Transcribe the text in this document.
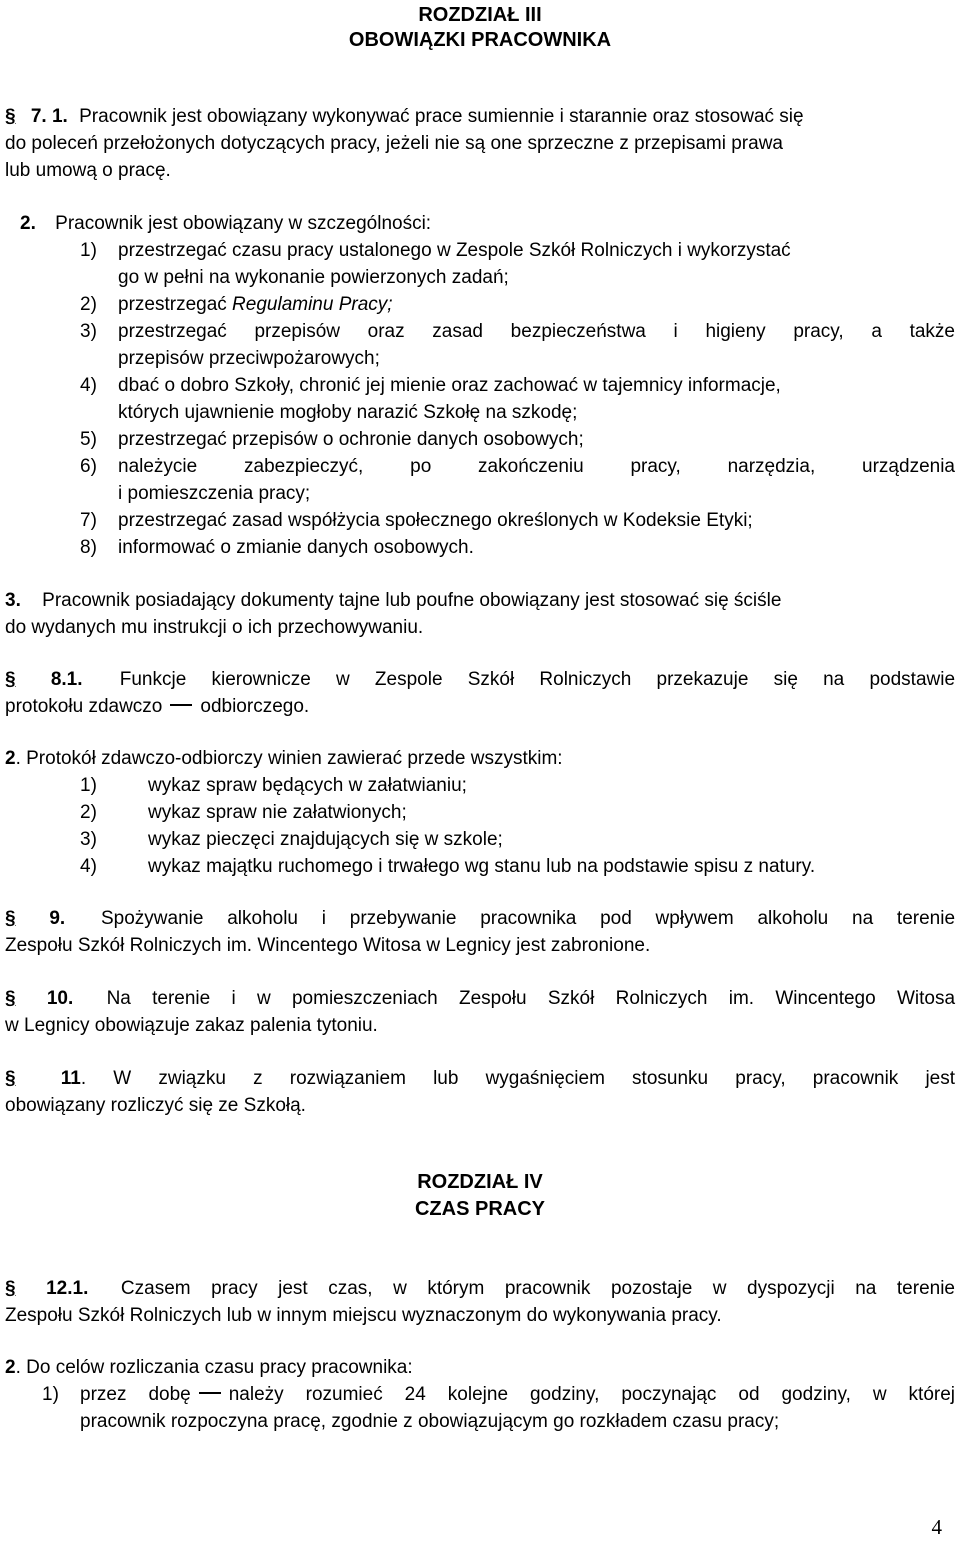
ROZDZIAŁ III
OBOWIĄZKI PRACOWNIKA
§ 7. 1. Pracownik jest obowiązany wykonywać prace sumiennie i starannie oraz stosować się
do poleceń przełożonych dotyczących pracy, jeżeli nie są one sprzeczne z przepisami prawa
lub umową o pracę.
2. Pracownik jest obowiązany w szczególności:
1) przestrzegać czasu pracy ustalonego w Zespole Szkół Rolniczych i wykorzystać
go w pełni na wykonanie powierzonych zadań;
2) przestrzegać Regulaminu Pracy;
3) przestrzegać przepisów oraz zasad bezpieczeństwa i higieny pracy, a także
przepisów przeciwpożarowych;
4) dbać o dobro Szkoły, chronić jej mienie oraz zachować w tajemnicy informacje,
których ujawnienie mogłoby narazić Szkołę na szkodę;
5) przestrzegać przepisów o ochronie danych osobowych;
6) należycie zabezpieczyć, po zakończeniu pracy, narzędzia, urządzenia
i pomieszczenia pracy;
7) przestrzegać zasad współżycia społecznego określonych w Kodeksie Etyki;
8) informować o zmianie danych osobowych.
3. Pracownik posiadający dokumenty tajne lub poufne obowiązany jest stosować się ściśle
do wydanych mu instrukcji o ich przechowywaniu.
§ 8.1. Funkcje kierownicze w Zespole Szkół Rolniczych przekazuje się na podstawie
protokołu zdawczo odbiorczego.
2. Protokół zdawczo-odbiorczy winien zawierać przede wszystkim:
1)	wykaz spraw będących w załatwianiu;
2)	wykaz spraw nie załatwionych;
3)	wykaz pieczęci znajdujących się w szkole;
4)	wykaz majątku ruchomego i trwałego wg stanu lub na podstawie spisu z natury.
§ 9. Spożywanie alkoholu i przebywanie pracownika pod wpływem alkoholu na terenie
Zespołu Szkół Rolniczych im. Wincentego Witosa w Legnicy jest zabronione.
§ 10. Na terenie i w pomieszczeniach Zespołu Szkół Rolniczych im. Wincentego Witosa
w Legnicy obowiązuje zakaz palenia tytoniu.
§ 11. W związku z rozwiązaniem lub wygaśnięciem stosunku pracy, pracownik jest
obowiązany rozliczyć się ze Szkołą.
ROZDZIAŁ IV
CZAS PRACY
§ 12.1. Czasem pracy jest czas, w którym pracownik pozostaje w dyspozycji na terenie
Zespołu Szkół Rolniczych lub w innym miejscu wyznaczonym do wykonywania pracy.
2. Do celów rozliczania czasu pracy pracownika:
1) przez dobę należy rozumieć 24 kolejne godziny, poczynając od godziny, w której
pracownik rozpoczyna pracę, zgodnie z obowiązującym go rozkładem czasu pracy;
4
